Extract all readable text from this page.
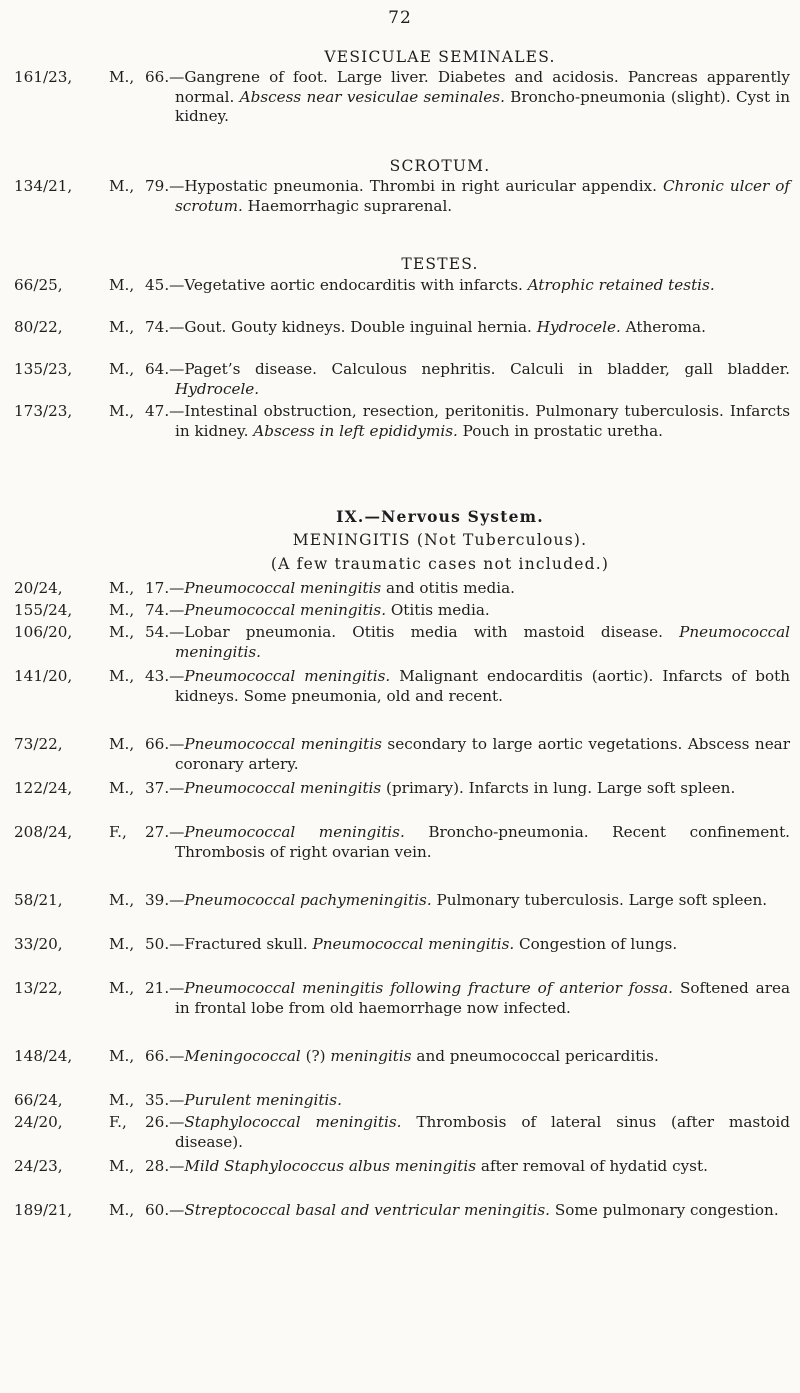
72
VESICULAE SEMINALES.
161/23,	M., 66.—Gangrene of foot. Large liver. Diabetes and acidosis. Pancreas apparently normal. Abscess near vesiculae seminales. Broncho-pneumonia (slight). Cyst in kidney.
SCROTUM.
134/21,	M., 79.—Hypostatic pneumonia. Thrombi in right auricular appendix. Chronic ulcer of scrotum. Haemorrhagic suprarenal.
TESTES.
66/25,	M., 45.—Vegetative aortic endocarditis with infarcts. Atrophic retained testis.
80/22,	M., 74.—Gout. Gouty kidneys. Double inguinal hernia. Hydrocele. Atheroma.
135/23,	M., 64.—Paget’s disease. Calculous nephritis. Calculi in bladder, gall bladder. Hydrocele.
173/23,	M., 47.—Intestinal obstruction, resection, peritonitis. Pulmonary tuberculosis. Infarcts in kidney. Abscess in left epididymis. Pouch in prostatic uretha.
IX.—Nervous System.
MENINGITIS (Not Tuberculous).
(A few traumatic cases not included.)
20/24,	M., 17.—Pneumococcal meningitis and otitis media.
155/24,	M., 74.—Pneumococcal meningitis. Otitis media.
106/20,	M., 54.—Lobar pneumonia. Otitis media with mastoid disease. Pneumococcal meningitis.
141/20,	M., 43.—Pneumococcal meningitis. Malignant endocarditis (aortic). Infarcts of both kidneys. Some pneumonia, old and recent.
73/22,	M., 66.—Pneumococcal meningitis secondary to large aortic vegetations. Abscess near coronary artery.
122/24,	M., 37.—Pneumococcal meningitis (primary). Infarcts in lung. Large soft spleen.
208/24,	F., 27.—Pneumococcal meningitis. Broncho-pneumonia. Recent confinement. Thrombosis of right ovarian vein.
58/21,	M., 39.—Pneumococcal pachymeningitis. Pulmonary tuberculosis. Large soft spleen.
33/20,	M., 50.—Fractured skull. Pneumococcal meningitis. Congestion of lungs.
13/22,	M., 21.—Pneumococcal meningitis following fracture of anterior fossa. Softened area in frontal lobe from old haemorrhage now infected.
148/24,	M., 66.—Meningococcal (?) meningitis and pneumococcal pericarditis.
66/24,	M., 35.—Purulent meningitis.
24/20,	F., 26.—Staphylococcal meningitis. Thrombosis of lateral sinus (after mastoid disease).
24/23,	M., 28.—Mild Staphylococcus albus meningitis after removal of hydatid cyst.
189/21,	M., 60.—Streptococcal basal and ventricular meningitis. Some pulmonary congestion.
